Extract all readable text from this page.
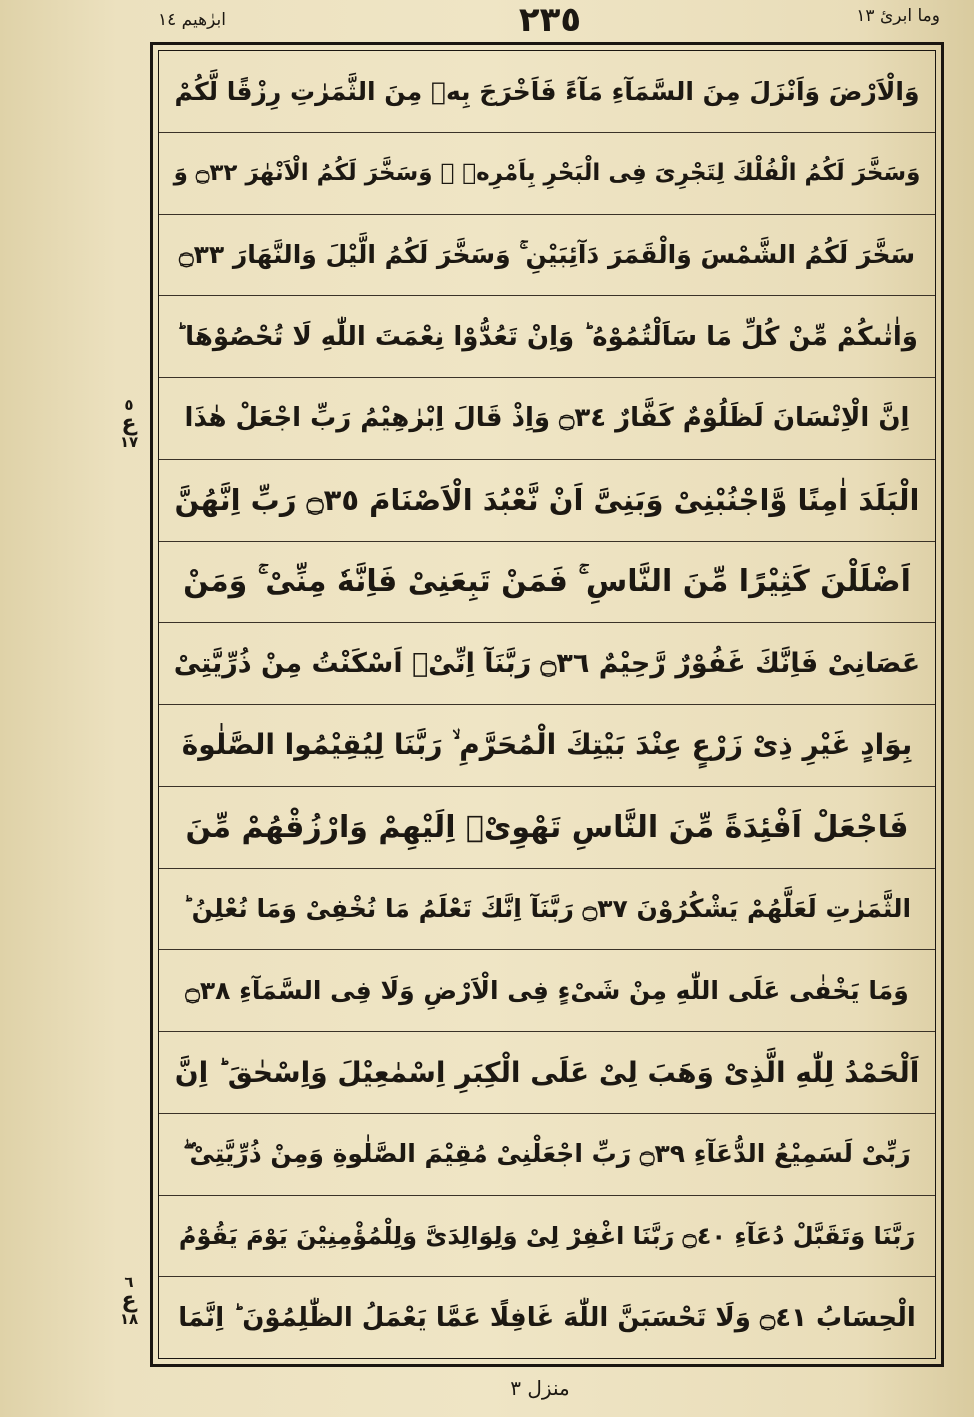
ابرٰهیم ١٤	٢٣٥	وما ابرئ ١٣
٥
ع
١٧
٦
ع
١٨
وَالْاَرْضَ وَاَنْزَلَ مِنَ السَّمَآءِ مَآءً فَاَخْرَجَ بِهٖ مِنَ الثَّمَرٰتِ رِزْقًا لَّكُمْ
وَسَخَّرَ لَكُمُ الْفُلْكَ لِتَجْرِیَ فِی الْبَحْرِ بِاَمْرِهٖ ۚ وَسَخَّرَ لَكُمُ الْاَنْهٰرَ ۝٣٢ وَ
سَخَّرَ لَكُمُ الشَّمْسَ وَالْقَمَرَ دَآئِبَیْنِ ۚ وَسَخَّرَ لَكُمُ الَّیْلَ وَالنَّهَارَ ۝٣٣
وَاٰتٰىكُمْ مِّنْ كُلِّ مَا سَاَلْتُمُوْهُ ؕ وَاِنْ تَعُدُّوْا نِعْمَتَ اللّٰهِ لَا تُحْصُوْهَا ؕ
اِنَّ الْاِنْسَانَ لَظَلُوْمٌ كَفَّارٌ ۝٣٤ وَاِذْ قَالَ اِبْرٰهِیْمُ رَبِّ اجْعَلْ هٰذَا
الْبَلَدَ اٰمِنًا وَّاجْنُبْنِیْ وَبَنِیَّ اَنْ نَّعْبُدَ الْاَصْنَامَ ۝٣٥ رَبِّ اِنَّهُنَّ
اَضْلَلْنَ كَثِیْرًا مِّنَ النَّاسِ ۚ فَمَنْ تَبِعَنِیْ فَاِنَّهٗ مِنِّیْ ۚ وَمَنْ
عَصَانِیْ فَاِنَّكَ غَفُوْرٌ رَّحِیْمٌ ۝٣٦ رَبَّنَآ اِنِّیْۤ اَسْكَنْتُ مِنْ ذُرِّیَّتِیْ
بِوَادٍ غَیْرِ ذِیْ زَرْعٍ عِنْدَ بَیْتِكَ الْمُحَرَّمِ ۙ رَبَّنَا لِیُقِیْمُوا الصَّلٰوةَ
فَاجْعَلْ اَفْئِدَةً مِّنَ النَّاسِ تَهْوِیْۤ اِلَیْهِمْ وَارْزُقْهُمْ مِّنَ
الثَّمَرٰتِ لَعَلَّهُمْ یَشْكُرُوْنَ ۝٣٧ رَبَّنَآ اِنَّكَ تَعْلَمُ مَا نُخْفِیْ وَمَا نُعْلِنُ ؕ
وَمَا یَخْفٰى عَلَى اللّٰهِ مِنْ شَیْءٍ فِی الْاَرْضِ وَلَا فِی السَّمَآءِ ۝٣٨
اَلْحَمْدُ لِلّٰهِ الَّذِیْ وَهَبَ لِیْ عَلَى الْكِبَرِ اِسْمٰعِیْلَ وَاِسْحٰقَ ؕ اِنَّ
رَبِّیْ لَسَمِیْعُ الدُّعَآءِ ۝٣٩ رَبِّ اجْعَلْنِیْ مُقِیْمَ الصَّلٰوةِ وَمِنْ ذُرِّیَّتِیْ ۖ
رَبَّنَا وَتَقَبَّلْ دُعَآءِ ۝٤٠ رَبَّنَا اغْفِرْ لِیْ وَلِوَالِدَیَّ وَلِلْمُؤْمِنِیْنَ یَوْمَ یَقُوْمُ
الْحِسَابُ ۝٤١ وَلَا تَحْسَبَنَّ اللّٰهَ غَافِلًا عَمَّا یَعْمَلُ الظّٰلِمُوْنَ ؕ اِنَّمَا
منزل ٣
